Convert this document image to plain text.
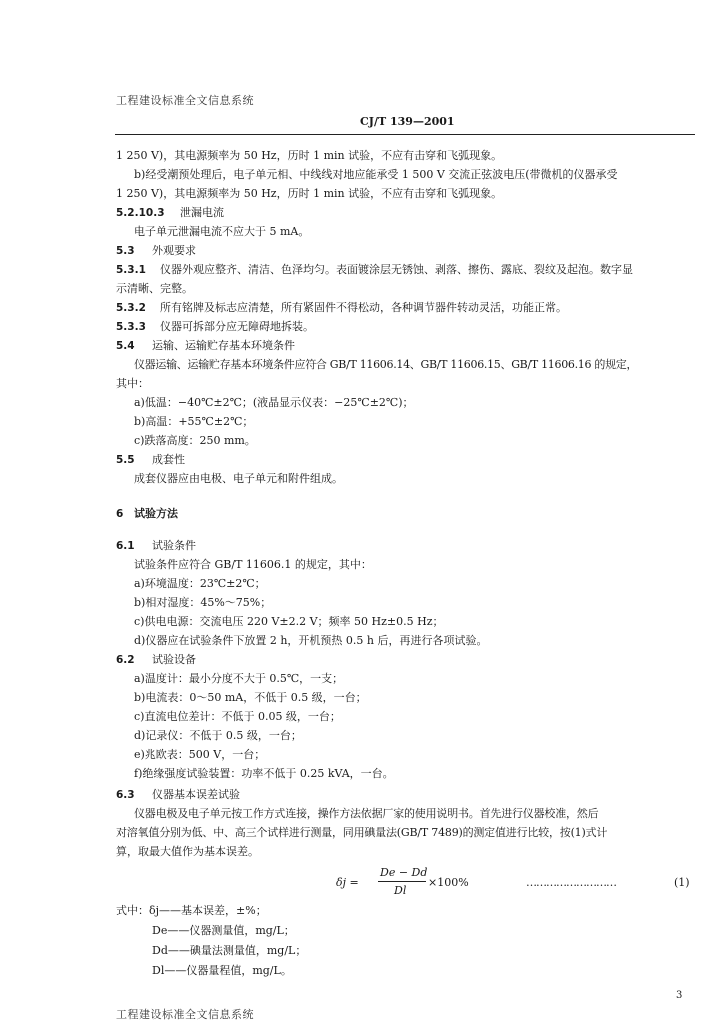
工程建设标准全文信息系统
CJ/T 139—2001
1 250 V)，其电源频率为 50 Hz，历时 1 min 试验，不应有击穿和飞弧现象。
b)经受潮预处理后，电子单元相、中线线对地应能承受 1 500 V 交流正弦波电压(带微机的仪器承受
1 250 V)，其电源频率为 50 Hz，历时 1 min 试验，不应有击穿和飞弧现象。
5.2.10.3 泄漏电流
电子单元泄漏电流不应大于 5 mA。
5.3 外观要求
5.3.1 仪器外观应整齐、清洁、色泽均匀。表面镀涂层无锈蚀、剥落、擦伤、露底、裂纹及起泡。数字显
示清晰、完整。
5.3.2 所有铭牌及标志应清楚，所有紧固件不得松动，各种调节器件转动灵活，功能正常。
5.3.3 仪器可拆部分应无障碍地拆装。
5.4 运输、运输贮存基本环境条件
仪器运输、运输贮存基本环境条件应符合 GB/T 11606.14、GB/T 11606.15、GB/T 11606.16 的规定，
其中：
a)低温：−40℃±2℃；(液晶显示仪表：−25℃±2℃)；
b)高温：+55℃±2℃；
c)跌落高度：250 mm。
5.5 成套性
成套仪器应由电极、电子单元和附件组成。
6 试验方法
6.1 试验条件
试验条件应符合 GB/T 11606.1 的规定，其中：
a)环境温度：23℃±2℃；
b)相对湿度：45%～75%；
c)供电电源：交流电压 220 V±2.2 V；频率 50 Hz±0.5 Hz；
d)仪器应在试验条件下放置 2 h，开机预热 0.5 h 后，再进行各项试验。
6.2 试验设备
a)温度计：最小分度不大于 0.5℃，一支；
b)电流表：0～50 mA，不低于 0.5 级，一台；
c)直流电位差计：不低于 0.05 级，一台；
d)记录仪：不低于 0.5 级，一台；
e)兆欧表：500 V，一台；
f)绝缘强度试验装置：功率不低于 0.25 kVA，一台。
6.3 仪器基本误差试验
仪器电极及电子单元按工作方式连接，操作方法依据厂家的使用说明书。首先进行仪器校准，然后
对溶氧值分别为低、中、高三个试样进行测量，同用碘量法(GB/T 7489)的测定值进行比较，按(1)式计
算，取最大值作为基本误差。
δj =
De − Dd
Dl
×100%	………………………	(1)
式中：δj——基本误差，±%；
De——仪器测量值，mg/L；
Dd——碘量法测量值，mg/L；
Dl——仪器量程值，mg/L。
3
工程建设标准全文信息系统
